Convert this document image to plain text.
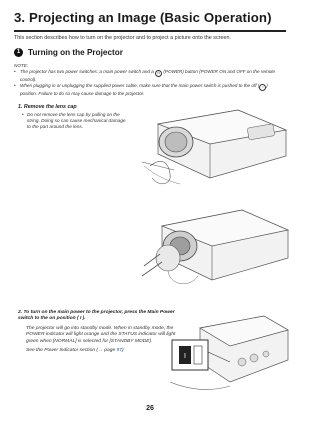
3. Projecting an Image (Basic Operation)
This section describes how to turn on the projector and to project a picture onto the screen.
1 Turning on the Projector
NOTE:
• The projector has two power switches: a main power switch and a ⏻ (POWER) button (POWER ON and OFF on the remote control).
• When plugging in or unplugging the supplied power cable, make sure that the main power switch is pushed to the off ( ○ ) position. Failure to do so may cause damage to the projector.
1. Remove the lens cap
• Do not remove the lens cap by pulling on the string. Doing so can cause mechanical damage to the part around the lens.
2. To turn on the main power to the projector, press the Main Power switch to the on position ( I ).
The projector will go into standby mode. When in standby mode, the POWER indicator will light orange and the STATUS indicator will light green when [NORMAL] is selected for [STANDBY MODE].
See the Power Indicator section (→ page 97)
I
26
